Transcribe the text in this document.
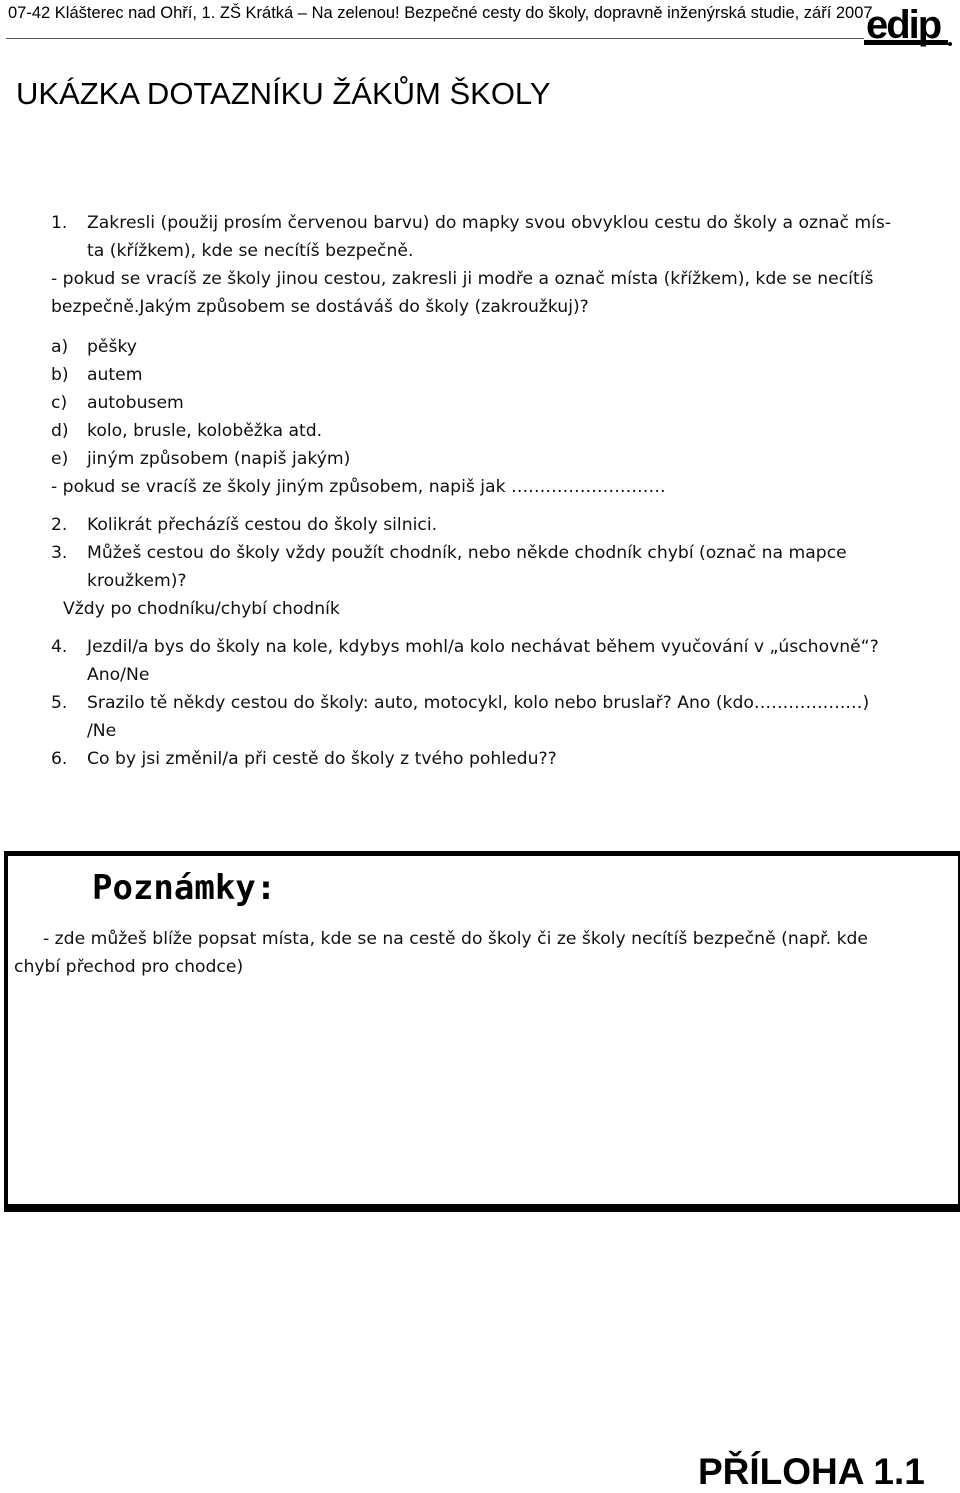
07-42 Klášterec nad Ohří, 1. ZŠ Krátká – Na zelenou! Bezpečné cesty do školy, dopravně inženýrská studie, září 2007
edip
UKÁZKA DOTAZNÍKU ŽÁKŮM ŠKOLY
1.	Zakresli (použij prosím červenou barvu) do mapky svou obvyklou cestu do školy a označ mís-
ta (křížkem), kde se necítíš bezpečně.
- pokud se vracíš ze školy jinou cestou, zakresli ji modře a označ místa (křížkem), kde se necítíš
bezpečně.Jakým způsobem se dostáváš do školy (zakroužkuj)?
a) pěšky
b) autem
c) autobusem
d) kolo, brusle, koloběžka atd.
e) jiným způsobem (napiš jakým)
- pokud se vracíš ze školy jiným způsobem, napiš jak ………………………
2.	Kolikrát přecházíš cestou do školy silnici.
3.	Můžeš cestou do školy vždy použít chodník, nebo někde chodník chybí (označ na mapce
kroužkem)?
Vždy po chodníku/chybí chodník
4.	Jezdil/a bys do školy na kole, kdybys mohl/a kolo nechávat během vyučování v „úschovně“?
Ano/Ne
5.	Srazilo tě někdy cestou do školy: auto, motocykl, kolo nebo bruslař? Ano (kdo…………….…)
/Ne
6.	Co by jsi změnil/a při cestě do školy z tvého pohledu??
Poznámky:
- zde můžeš blíže popsat místa, kde se na cestě do školy či ze školy necítíš bezpečně (např. kde
chybí přechod pro chodce)
PŘÍLOHA 1.1
